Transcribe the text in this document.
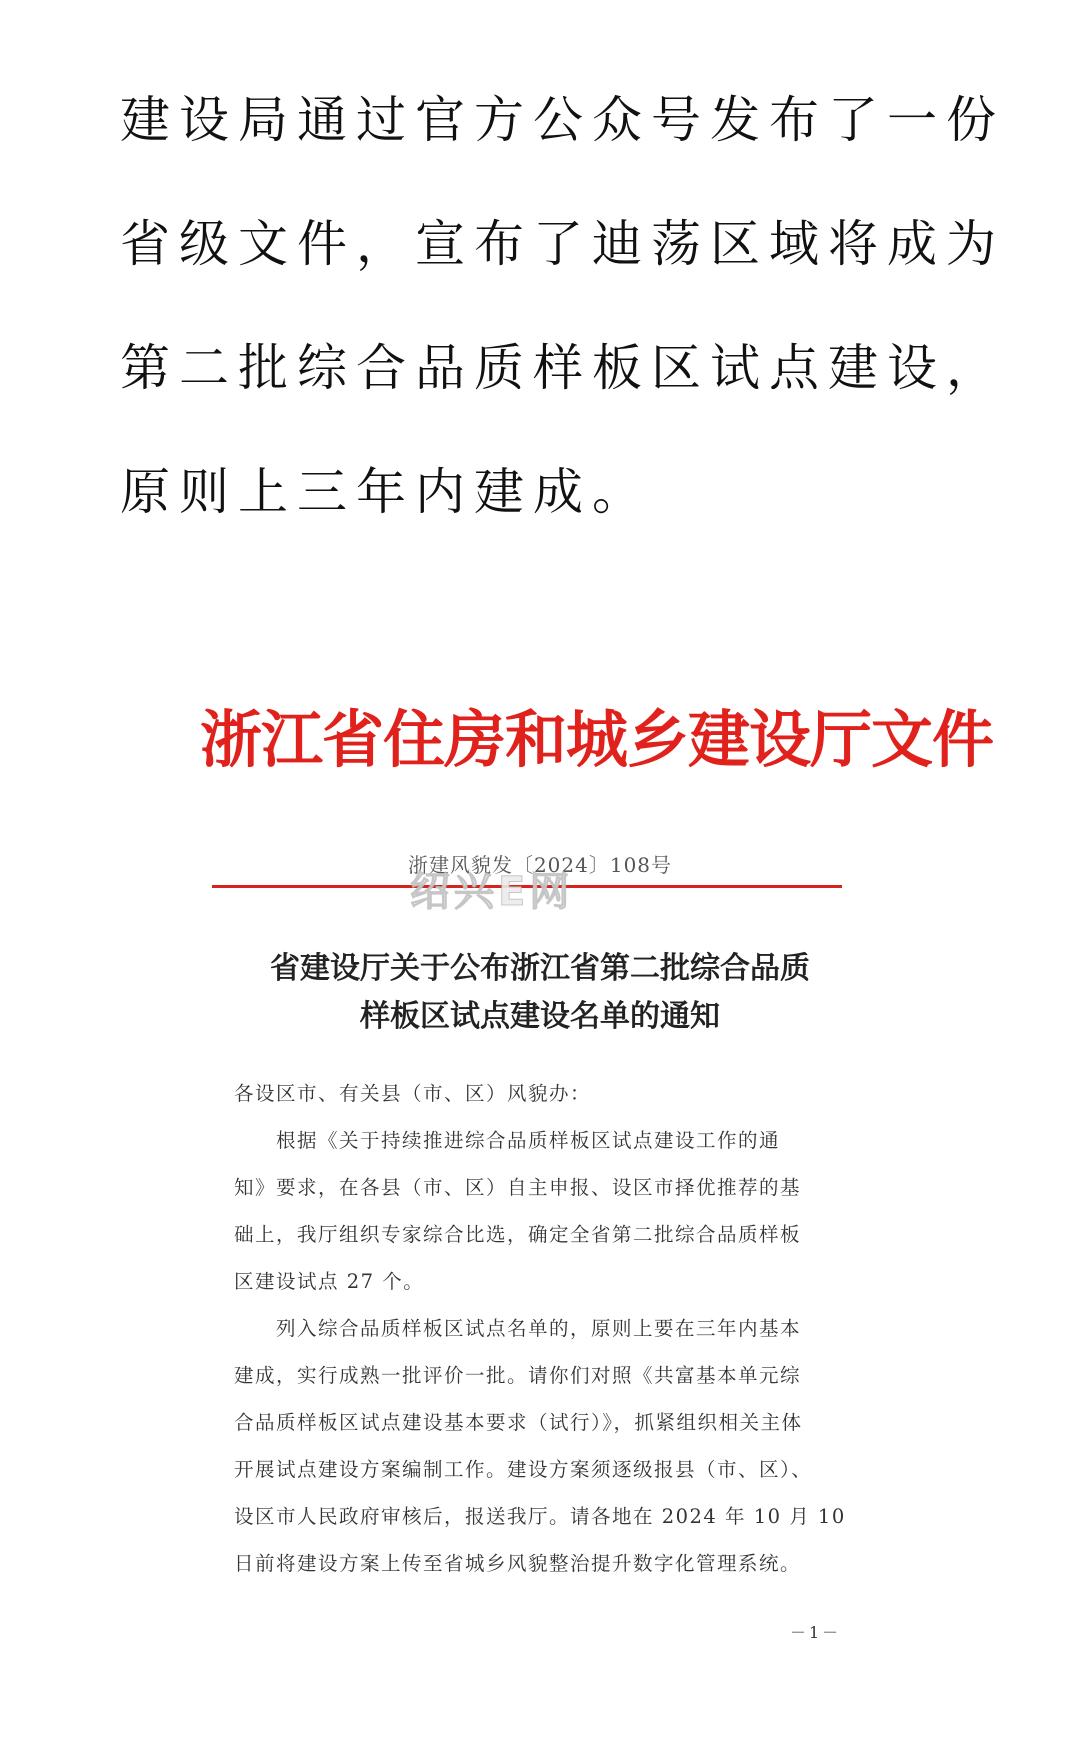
建设局通过官方公众号发布了一份
省级文件，宣布了迪荡区域将成为
第二批综合品质样板区试点建设，
原则上三年内建成。
浙江省住房和城乡建设厅文件
浙建风貌发〔2024〕108号
绍兴E网
省建设厅关于公布浙江省第二批综合品质
样板区试点建设名单的通知
各设区市、有关县（市、区）风貌办：
　　根据《关于持续推进综合品质样板区试点建设工作的通
知》要求，在各县（市、区）自主申报、设区市择优推荐的基
础上，我厅组织专家综合比选，确定全省第二批综合品质样板
区建设试点 27 个。
　　列入综合品质样板区试点名单的，原则上要在三年内基本
建成，实行成熟一批评价一批。请你们对照《共富基本单元综
合品质样板区试点建设基本要求（试行）》，抓紧组织相关主体
开展试点建设方案编制工作。建设方案须逐级报县（市、区）、
设区市人民政府审核后，报送我厅。请各地在 2024 年 10 月 10
日前将建设方案上传至省城乡风貌整治提升数字化管理系统。
－1－
